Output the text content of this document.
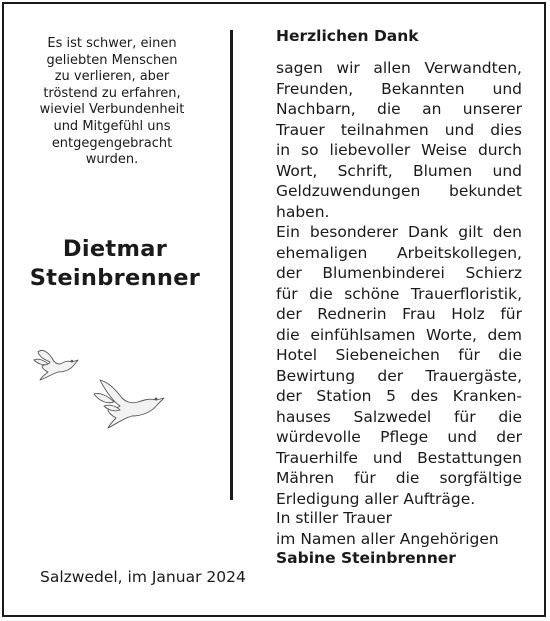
Es ist schwer, einen
geliebten Menschen
zu verlieren, aber
tröstend zu erfahren,
wieviel Verbundenheit
und Mitgefühl uns
entgegengebracht
wurden.
Dietmar
Steinbrenner
Salzwedel, im Januar 2024
Herzlichen Dank
sagen wir allen Verwandten,
Freunden, Bekannten und
Nachbarn, die an unserer
Trauer teilnahmen und dies
in so liebevoller Weise durch
Wort, Schrift, Blumen und
Geldzuwendungen bekundet
haben.
Ein besonderer Dank gilt den
ehemaligen Arbeitskollegen,
der Blumenbinderei Schierz
für die schöne Trauerfloristik,
der Rednerin Frau Holz für
die einfühlsamen Worte, dem
Hotel Siebeneichen für die
Bewirtung der Trauergäste,
der Station 5 des Kranken-
hauses Salzwedel für die
würdevolle Pflege und der
Trauerhilfe und Bestattungen
Mähren für die sorgfältige
Erledigung aller Aufträge.
In stiller Trauer
im Namen aller Angehörigen
Sabine Steinbrenner
